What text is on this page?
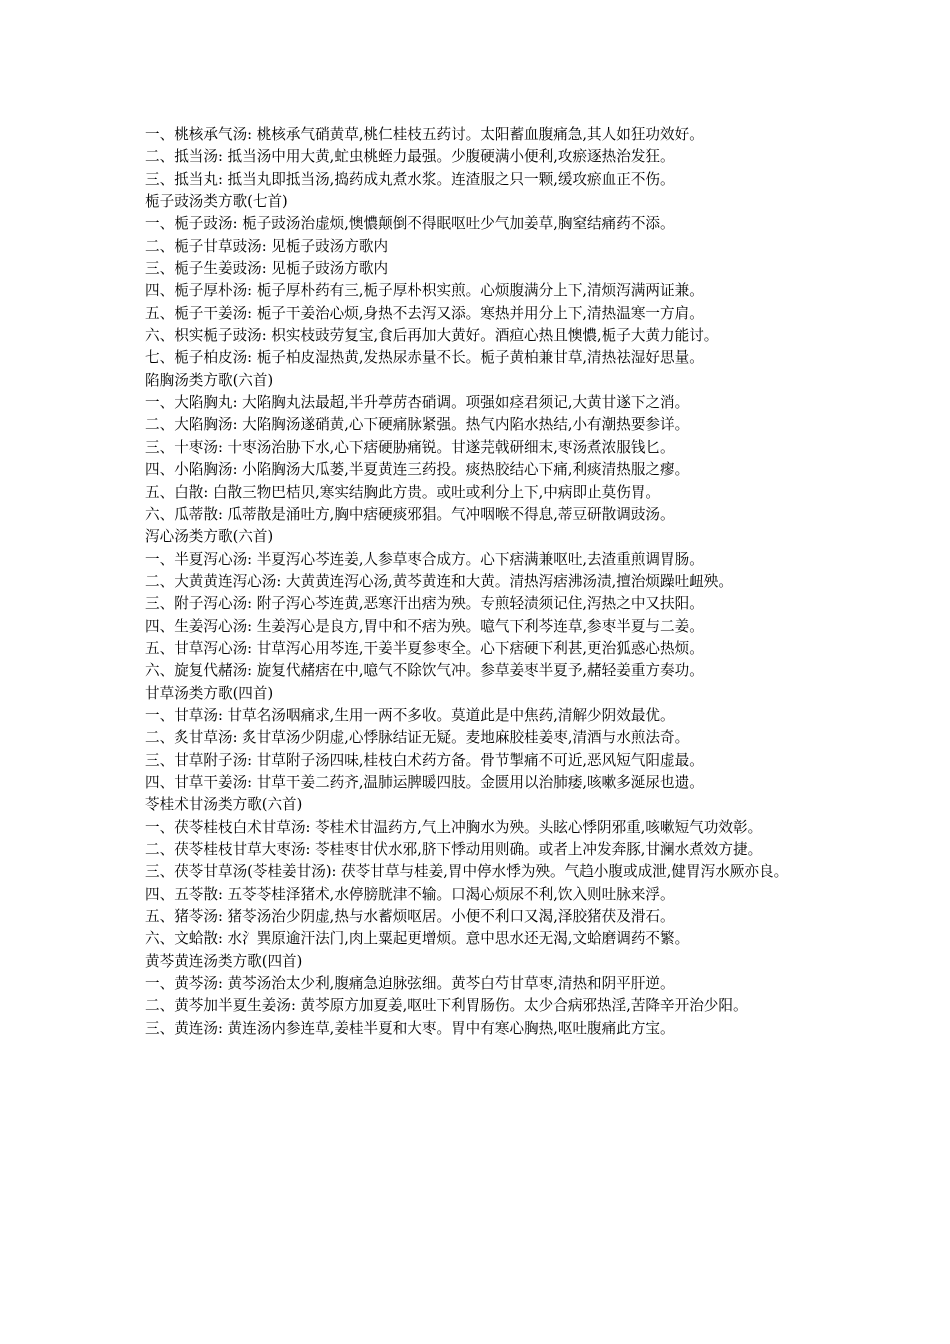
一、桃核承气汤: 桃核承气硝黄草,桃仁桂枝五药讨。太阳蓄血腹痛急,其人如狂功效好。
二、抵当汤: 抵当汤中用大黄,虻虫桃蛭力最强。少腹硬满小便利,攻瘀逐热治发狂。
三、抵当丸: 抵当丸即抵当汤,捣药成丸煮水浆。连渣服之只一颗,缓攻瘀血正不伤。
栀子豉汤类方歌(七首)
一、栀子豉汤: 栀子豉汤治虚烦,懊憹颠倒不得眠呕吐少气加姜草,胸窒结痛药不添。
二、栀子甘草豉汤: 见栀子豉汤方歌内
三、栀子生姜豉汤: 见栀子豉汤方歌内
四、栀子厚朴汤: 栀子厚朴药有三,栀子厚朴枳实煎。心烦腹满分上下,清烦泻满两证兼。
五、栀子干姜汤: 栀子干姜治心烦,身热不去泻又添。寒热并用分上下,清热温寒一方肩。
六、枳实栀子豉汤: 枳实枝豉劳复宝,食后再加大黄好。酒疸心热且懊憹,栀子大黄力能讨。
七、栀子柏皮汤: 栀子柏皮湿热黄,发热尿赤量不长。栀子黄柏兼甘草,清热祛湿好思量。
陷胸汤类方歌(六首)
一、大陷胸丸: 大陷胸丸法最超,半升葶苈杏硝调。项强如痉君须记,大黄甘遂下之消。
二、大陷胸汤: 大陷胸汤遂硝黄,心下硬痛脉紧强。热气内陷水热结,小有潮热要参详。
三、十枣汤: 十枣汤治胁下水,心下痞硬胁痛锐。甘遂芫戟研细末,枣汤煮浓服钱匕。
四、小陷胸汤: 小陷胸汤大瓜蒌,半夏黄连三药投。痰热胶结心下痛,利痰清热服之瘳。
五、白散: 白散三物巴桔贝,寒实结胸此方贵。或吐或利分上下,中病即止莫伤胃。
六、瓜蒂散: 瓜蒂散是涌吐方,胸中痞硬痰邪猖。气冲咽喉不得息,蒂豆研散调豉汤。
泻心汤类方歌(六首)
一、半夏泻心汤: 半夏泻心芩连姜,人参草枣合成方。心下痞满兼呕吐,去渣重煎调胃肠。
二、大黄黄连泻心汤: 大黄黄连泻心汤,黄芩黄连和大黄。清热泻痞沸汤渍,擅治烦躁吐衄殃。
三、附子泻心汤: 附子泻心芩连黄,恶寒汗出痞为殃。专煎轻渍须记住,泻热之中又扶阳。
四、生姜泻心汤: 生姜泻心是良方,胃中和不痞为殃。噫气下利芩连草,参枣半夏与二姜。
五、甘草泻心汤: 甘草泻心用芩连,干姜半夏参枣全。心下痞硬下利甚,更治狐惑心热烦。
六、旋复代赭汤: 旋复代赭痞在中,噫气不除饮气冲。参草姜枣半夏予,赭轻姜重方奏功。
甘草汤类方歌(四首)
一、甘草汤: 甘草名汤咽痛求,生用一两不多收。莫道此是中焦药,清解少阴效最优。
二、炙甘草汤: 炙甘草汤少阴虚,心悸脉结证无疑。麦地麻胶桂姜枣,清酒与水煎法奇。
三、甘草附子汤: 甘草附子汤四味,桂枝白术药方备。骨节掣痛不可近,恶风短气阳虚最。
四、甘草干姜汤: 甘草干姜二药齐,温肺运脾暖四肢。金匮用以治肺痿,咳嗽多涎尿也遗。
苓桂术甘汤类方歌(六首)
一、茯苓桂枝白术甘草汤: 苓桂术甘温药方,气上冲胸水为殃。头眩心悸阴邪重,咳嗽短气功效彰。
二、茯苓桂枝甘草大枣汤: 苓桂枣甘伏水邪,脐下悸动用则确。或者上冲发奔豚,甘澜水煮效方捷。
三、茯苓甘草汤(苓桂姜甘汤): 茯苓甘草与桂姜,胃中停水悸为殃。气趋小腹或成泄,健胃泻水厥亦良。
四、五苓散: 五苓苓桂泽猪术,水停膀胱津不输。口渴心烦尿不利,饮入则吐脉来浮。
五、猪苓汤: 猪苓汤治少阴虚,热与水蓄烦呕居。小便不利口又渴,泽胶猪茯及滑石。
六、文蛤散: 水氵巽原逾汗法门,肉上粟起更增烦。意中思水还无渴,文蛤磨调药不繁。
黄芩黄连汤类方歌(四首)
一、黄芩汤: 黄芩汤治太少利,腹痛急迫脉弦细。黄芩白芍甘草枣,清热和阴平肝逆。
二、黄芩加半夏生姜汤: 黄芩原方加夏姜,呕吐下利胃肠伤。太少合病邪热淫,苦降辛开治少阳。
三、黄连汤: 黄连汤内参连草,姜桂半夏和大枣。胃中有寒心胸热,呕吐腹痛此方宝。
